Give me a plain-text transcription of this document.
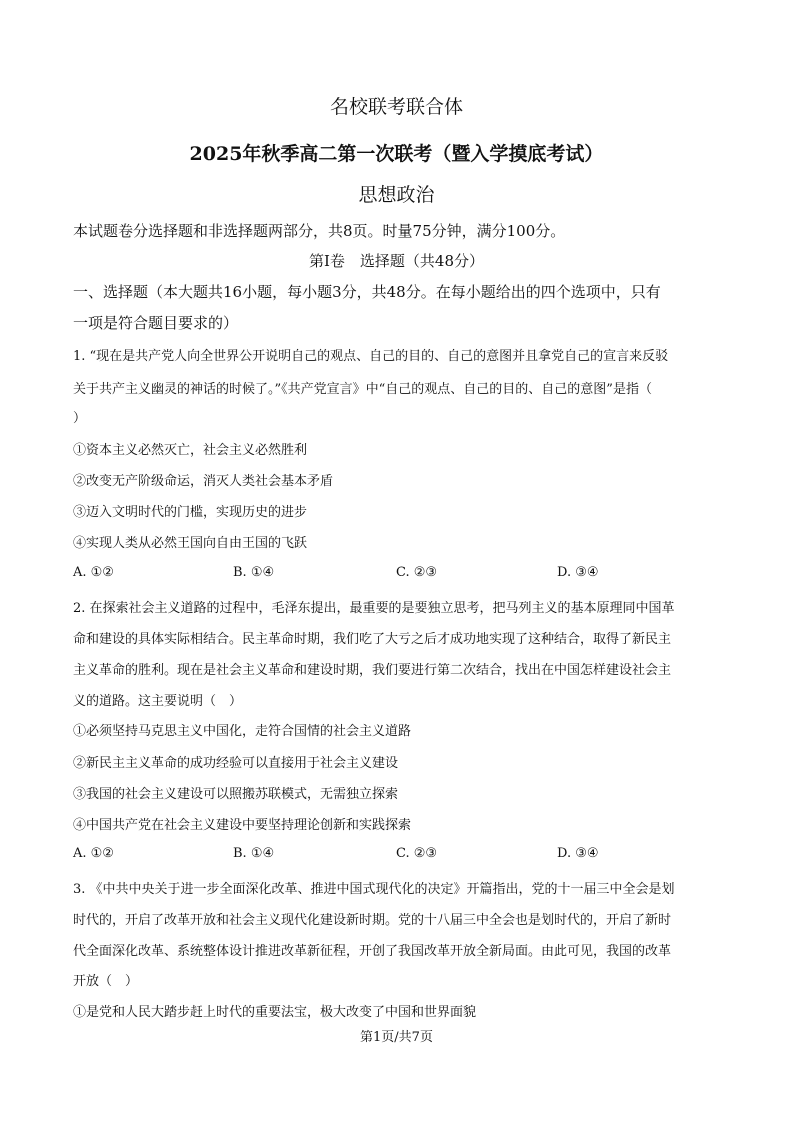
名校联考联合体
2025年秋季高二第一次联考（暨入学摸底考试）
思想政治
本试题卷分选择题和非选择题两部分，共8页。时量75分钟，满分100分。
第Ⅰ卷　选择题（共48分）
一、选择题（本大题共16小题，每小题3分，共48分。在每小题给出的四个选项中，只有
一项是符合题目要求的）
1. “现在是共产党人向全世界公开说明自己的观点、自己的目的、自己的意图并且拿党自己的宣言来反驳
关于共产主义幽灵的神话的时候了。”《共产党宣言》中“自己的观点、自己的目的、自己的意图”是指（
）
①资本主义必然灭亡，社会主义必然胜利
②改变无产阶级命运，消灭人类社会基本矛盾
③迈入文明时代的门槛，实现历史的进步
④实现人类从必然王国向自由王国的飞跃
A. ①②	B. ①④	C. ②③	D. ③④
2. 在探索社会主义道路的过程中，毛泽东提出，最重要的是要独立思考，把马列主义的基本原理同中国革
命和建设的具体实际相结合。民主革命时期，我们吃了大亏之后才成功地实现了这种结合，取得了新民主
主义革命的胜利。现在是社会主义革命和建设时期，我们要进行第二次结合，找出在中国怎样建设社会主
义的道路。这主要说明（　）
①必须坚持马克思主义中国化，走符合国情的社会主义道路
②新民主主义革命的成功经验可以直接用于社会主义建设
③我国的社会主义建设可以照搬苏联模式，无需独立探索
④中国共产党在社会主义建设中要坚持理论创新和实践探索
A. ①②	B. ①④	C. ②③	D. ③④
3. 《中共中央关于进一步全面深化改革、推进中国式现代化的决定》开篇指出，党的十一届三中全会是划
时代的，开启了改革开放和社会主义现代化建设新时期。党的十八届三中全会也是划时代的，开启了新时
代全面深化改革、系统整体设计推进改革新征程，开创了我国改革开放全新局面。由此可见，我国的改革
开放（　）
①是党和人民大踏步赶上时代的重要法宝，极大改变了中国和世界面貌
第1页/共7页
